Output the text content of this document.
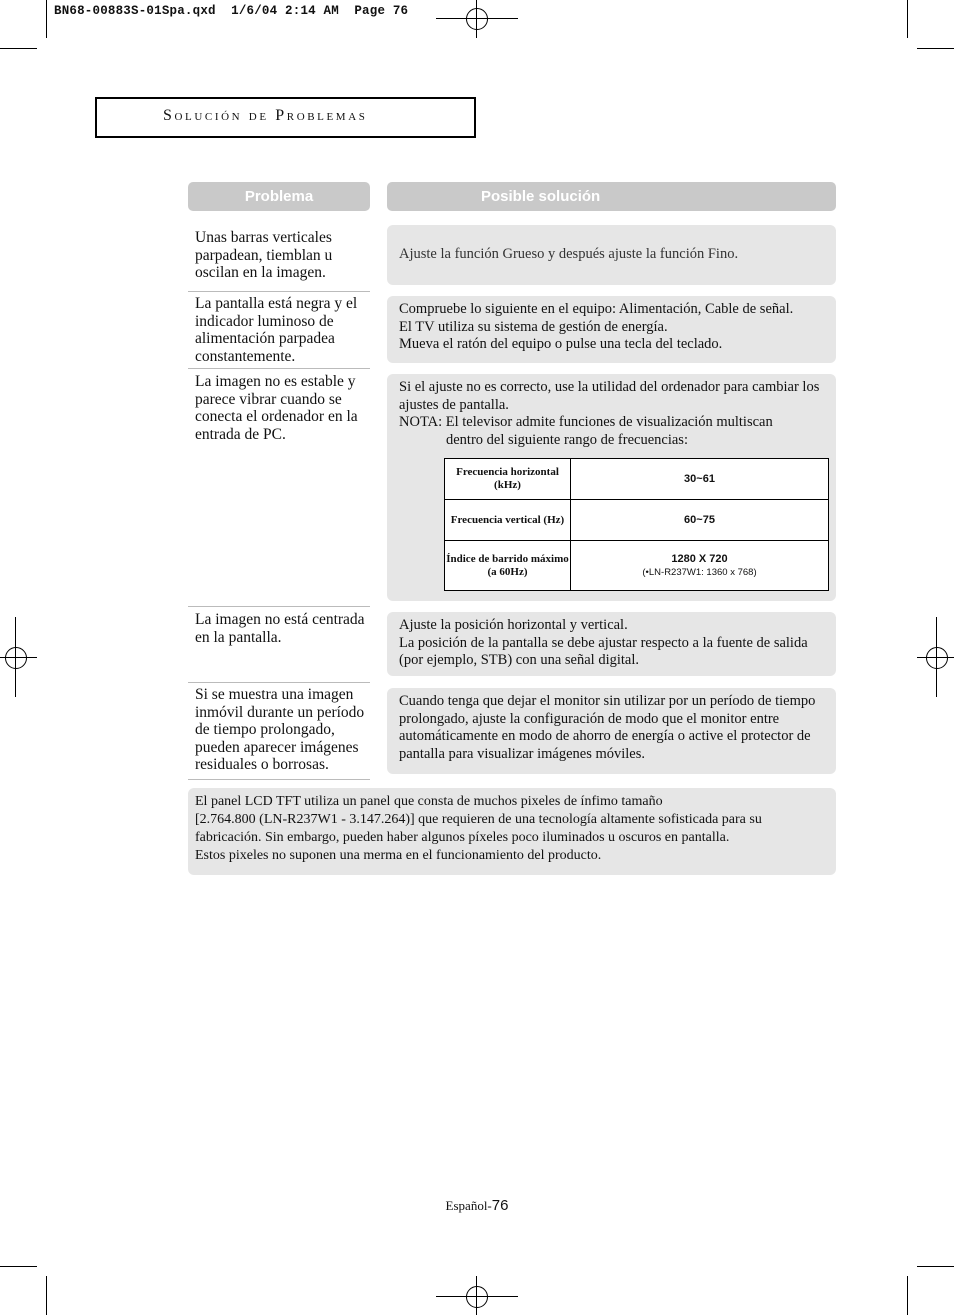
BN68-00883S-01Spa.qxd  1/6/04 2:14 AM  Page 76
Solución de Problemas
Problema	Posible solución
Unas barras verticales parpadean, tiemblan u oscilan en la imagen.

Ajuste la función Grueso y después ajuste la función Fino.

La pantalla está negra y el indicador luminoso de alimentación parpadea constantemente.

Compruebe lo siguiente en el equipo: Alimentación, Cable de señal.

El TV utiliza su sistema de gestión de energía.

Mueva el ratón del equipo o pulse una tecla del teclado.

La imagen no es estable y parece vibrar cuando se conecta el ordenador en la entrada de PC.

Si el ajuste no es correcto, use la utilidad del ordenador para cambiar los ajustes de pantalla.

NOTA: El televisor admite funciones de visualización multiscan

dentro del siguiente rango de frecuencias:

Frecuencia horizontal (kHz)
30~61
Frecuencia vertical (Hz)	60~75
Índice de barrido máximo (a 60Hz)
1280 X 720
(•LN-R237W1: 1360 x 768)
La imagen no está centrada en la pantalla.

Ajuste la posición horizontal y vertical.

La posición de la pantalla se debe ajustar respecto a la fuente de salida (por ejemplo, STB) con una señal digital.

Si se muestra una imagen inmóvil durante un período de tiempo prolongado, pueden aparecer imágenes residuales o borrosas.

Cuando tenga que dejar el monitor sin utilizar por un período de tiempo prolongado, ajuste la configuración de modo que el monitor entre automáticamente en modo de ahorro de energía o active el protector de pantalla para visualizar imágenes móviles.

El panel LCD TFT utiliza un panel que consta de muchos pixeles de ínfimo tamaño

[2.764.800 (LN-R237W1 - 3.147.264)] que requieren de una tecnología altamente sofisticada para su fabricación. Sin embargo, pueden haber algunos píxeles poco iluminados u oscuros en pantalla.

Estos pixeles no suponen una merma en el funcionamiento del producto.

Español-76
